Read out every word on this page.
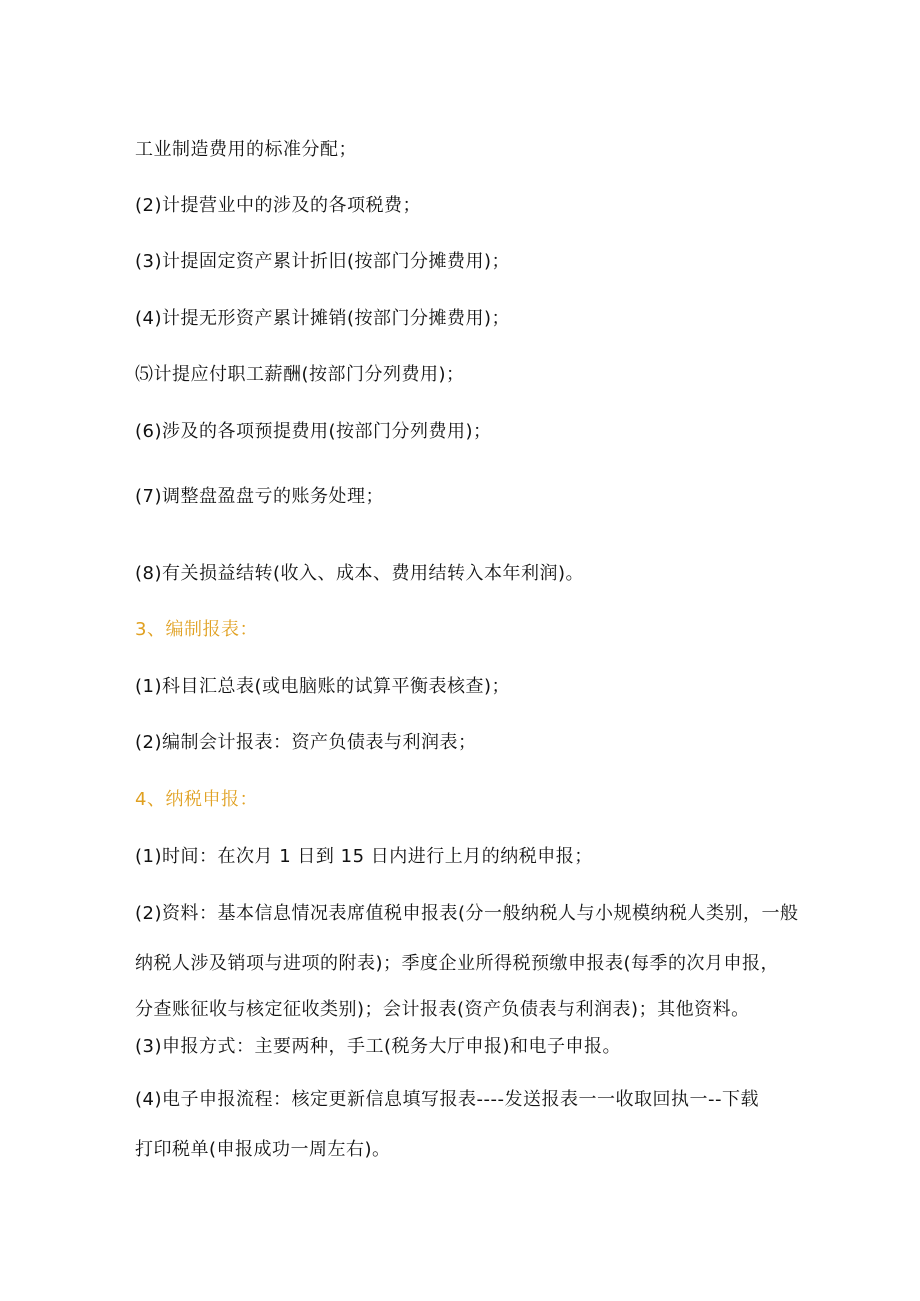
工业制造费用的标准分配；
(2)计提营业中的涉及的各项税费；
(3)计提固定资产累计折旧(按部门分摊费用)；
(4)计提无形资产累计摊销(按部门分摊费用)；
⑸计提应付职工薪酬(按部门分列费用)；
(6)涉及的各项预提费用(按部门分列费用)；
(7)调整盘盈盘亏的账务处理；
(8)有关损益结转(收入、成本、费用结转入本年利润)。
3、编制报表：
(1)科目汇总表(或电脑账的试算平衡表核查)；
(2)编制会计报表：资产负债表与利润表；
4、纳税申报：
(1)时间：在次月 1 日到 15 日内进行上月的纳税申报；
(2)资料：基本信息情况表席值税申报表(分一般纳税人与小规模纳税人类别，一般
纳税人涉及销项与进项的附表)；季度企业所得税预缴申报表(每季的次月申报，
分查账征收与核定征收类别)；会计报表(资产负债表与利润表)；其他资料。
(3)申报方式：主要两种，手工(税务大厅申报)和电子申报。
(4)电子申报流程：核定更新信息填写报表----发送报表一一收取回执一--下载
打印税单(申报成功一周左右)。
